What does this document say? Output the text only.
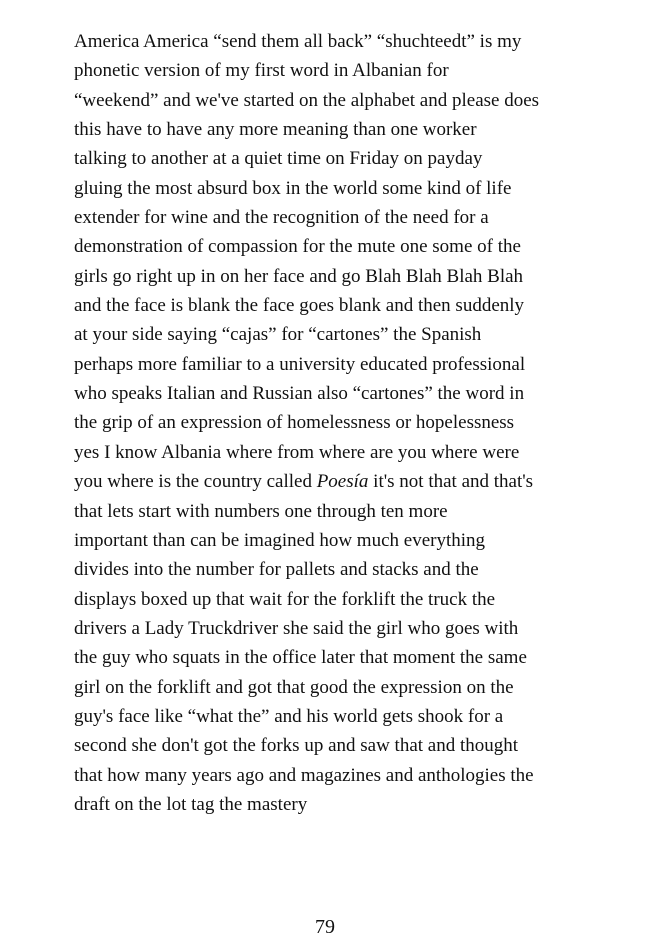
America America “send them all back” “shuchteedt” is my
phonetic version of my first word in Albanian for
“weekend” and we've started on the alphabet and please does
this have to have any more meaning than one worker
talking to another at a quiet time on Friday on payday
gluing the most absurd box in the world some kind of life
extender for wine and the recognition of the need for a
demonstration of compassion for the mute one some of the
girls go right up in on her face and go Blah Blah Blah Blah
and the face is blank the face goes blank and then suddenly
at your side saying “cajas” for “cartones” the Spanish
perhaps more familiar to a university educated professional
who speaks Italian and Russian also “cartones” the word in
the grip of an expression of homelessness or hopelessness
yes I know Albania where from where are you where were
you where is the country called Poesía it's not that and that's
that lets start with numbers one through ten more
important than can be imagined how much everything
divides into the number for pallets and stacks and the
displays boxed up that wait for the forklift the truck the
drivers a Lady Truckdriver she said the girl who goes with
the guy who squats in the office later that moment the same
girl on the forklift and got that good the expression on the
guy's face like “what the” and his world gets shook for a
second she don't got the forks up and saw that and thought
that how many years ago and magazines and anthologies the
draft on the lot tag the mastery
79
